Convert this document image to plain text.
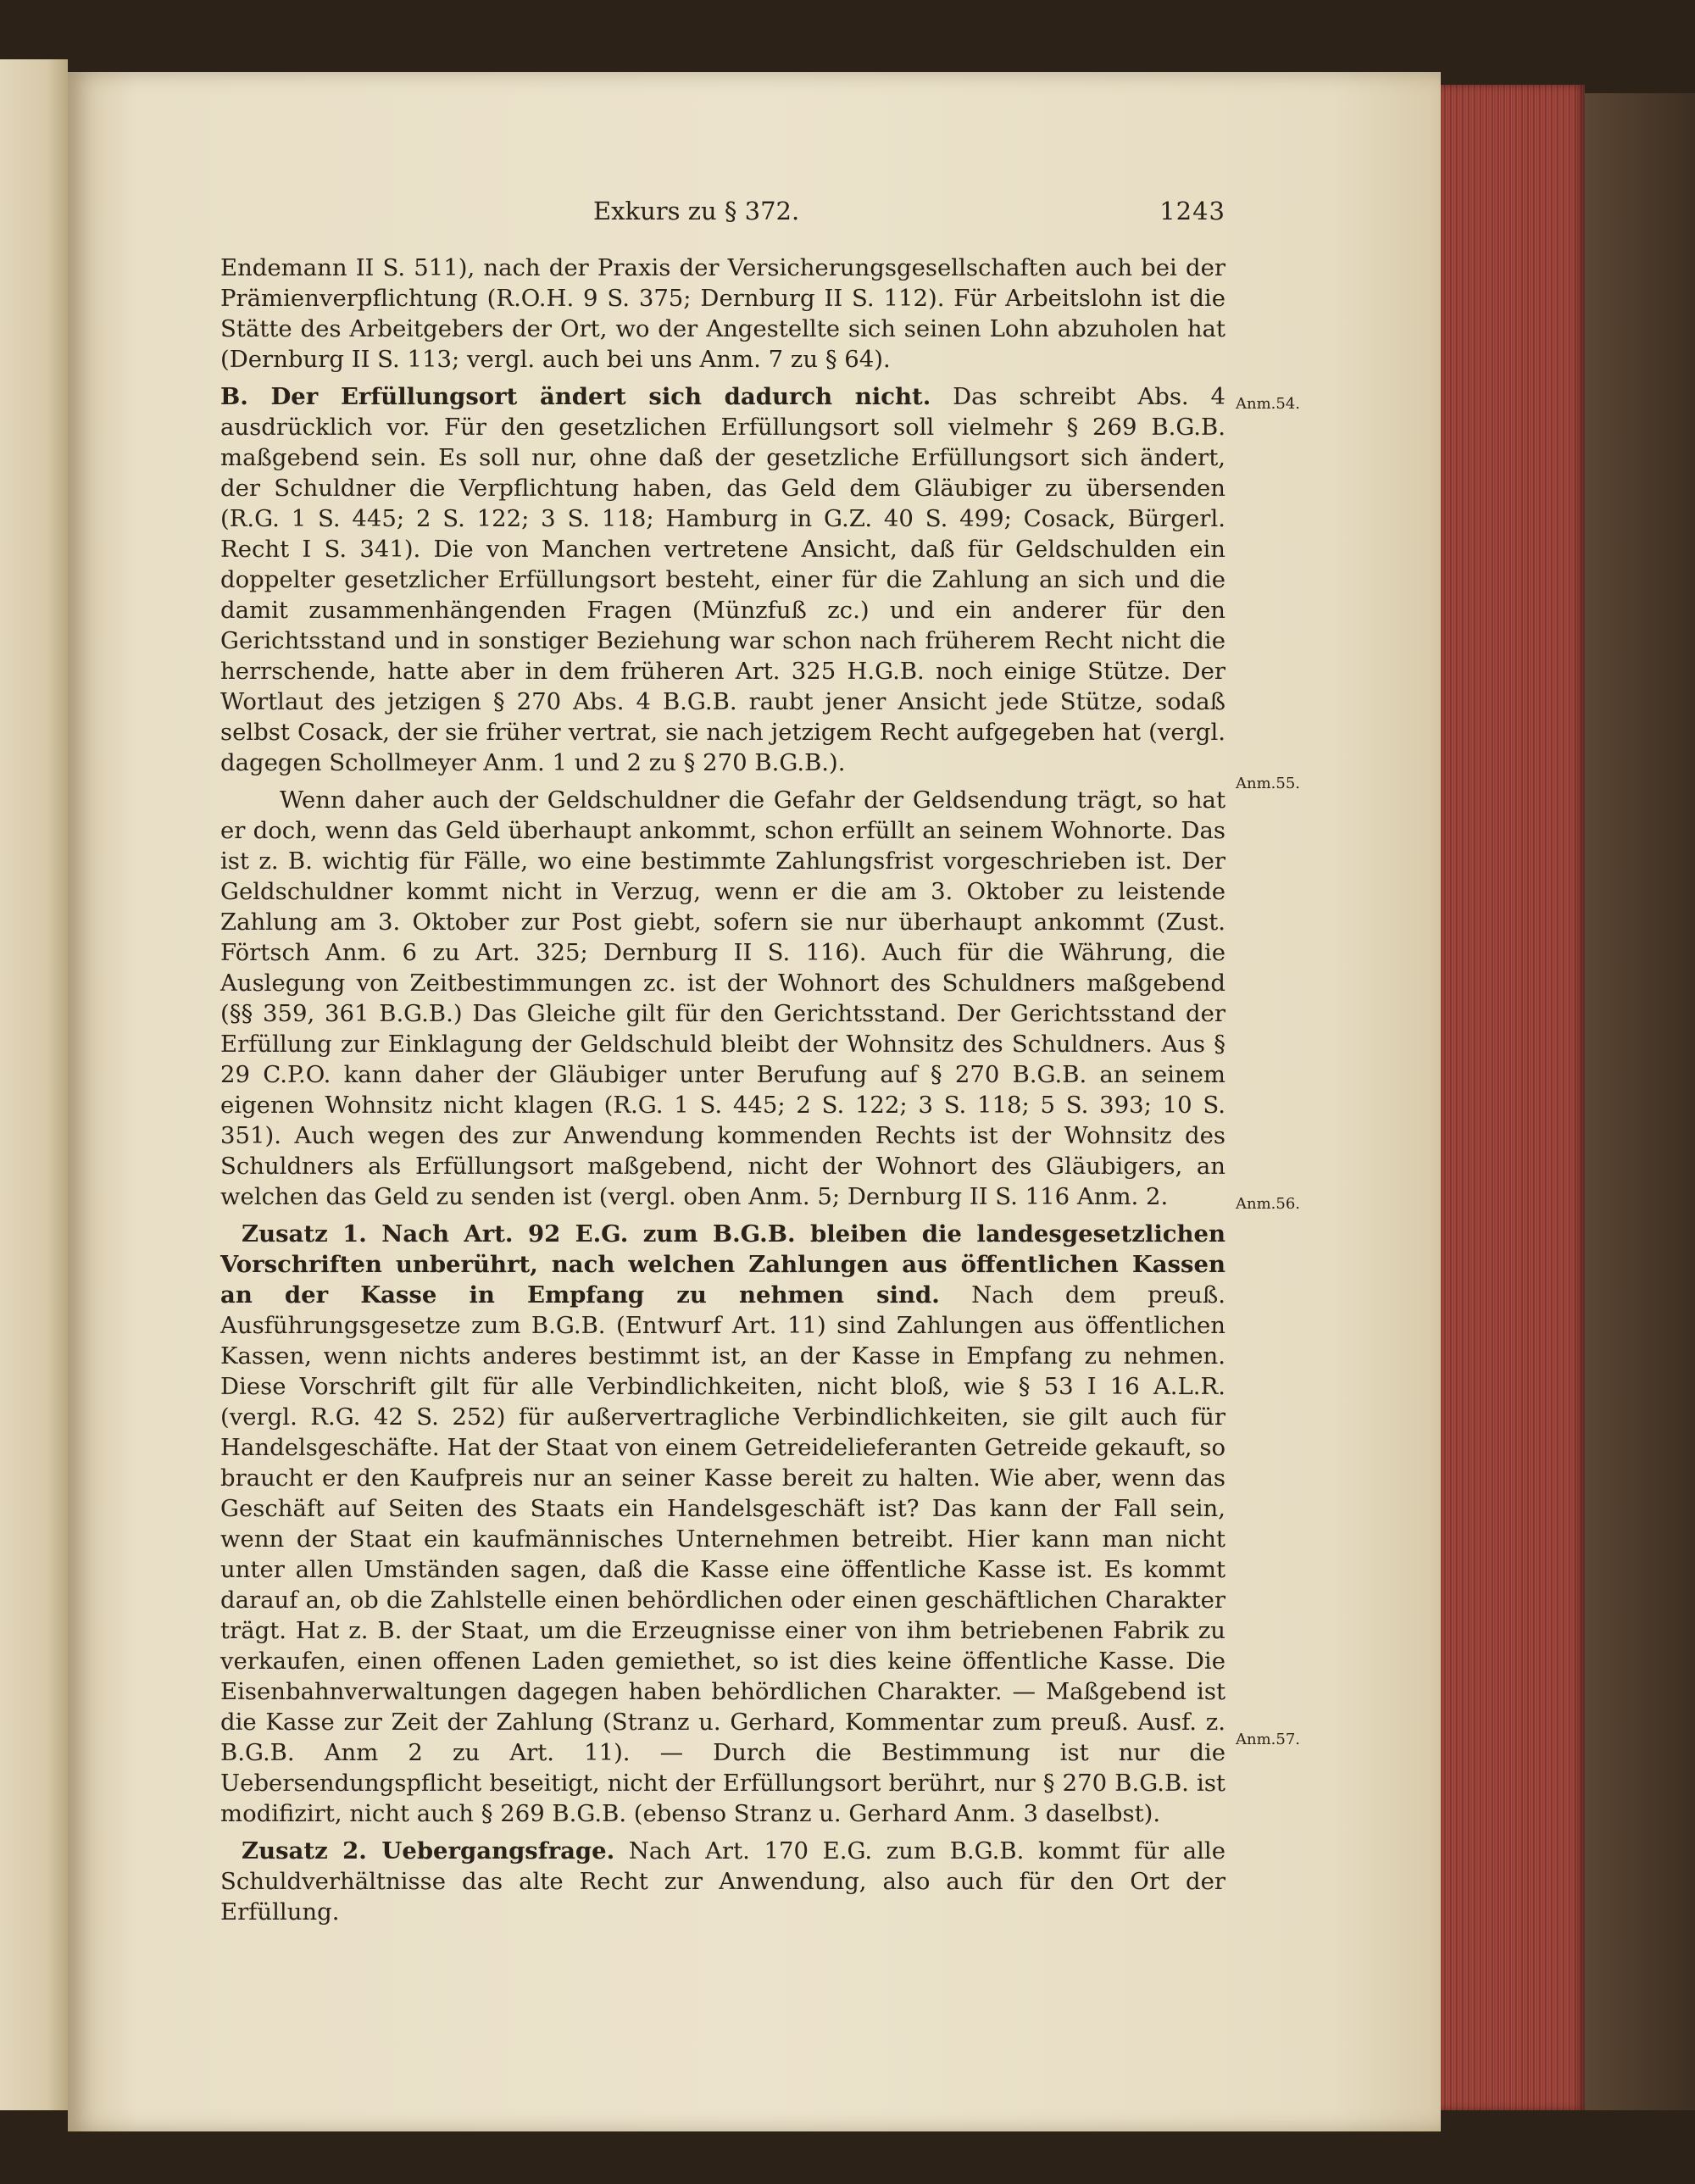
Exkurs zu § 372.	1243

Endemann II S. 511), nach der Praxis der Versicherungsgesellschaften auch bei der Prämienverpflichtung (R.O.H. 9 S. 375; Dernburg II S. 112). Für Arbeitslohn ist die Stätte des Arbeitgebers der Ort, wo der Angestellte sich seinen Lohn abzuholen hat (Dernburg II S. 113; vergl. auch bei uns Anm. 7 zu § 64).

B. Der Erfüllungsort ändert sich dadurch nicht. Das schreibt Abs. 4 ausdrücklich vor. Für den gesetzlichen Erfüllungsort soll vielmehr § 269 B.G.B. maßgebend sein. Es soll nur, ohne daß der gesetzliche Erfüllungsort sich ändert, der Schuldner die Verpflichtung haben, das Geld dem Gläubiger zu übersenden (R.G. 1 S. 445; 2 S. 122; 3 S. 118; Hamburg in G.Z. 40 S. 499; Cosack, Bürgerl. Recht I S. 341). Die von Manchen vertretene Ansicht, daß für Geldschulden ein doppelter gesetzlicher Erfüllungsort besteht, einer für die Zahlung an sich und die damit zusammenhängenden Fragen (Münzfuß zc.) und ein anderer für den Gerichtsstand und in sonstiger Beziehung war schon nach früherem Recht nicht die herrschende, hatte aber in dem früheren Art. 325 H.G.B. noch einige Stütze. Der Wortlaut des jetzigen § 270 Abs. 4 B.G.B. raubt jener Ansicht jede Stütze, sodaß selbst Cosack, der sie früher vertrat, sie nach jetzigem Recht aufgegeben hat (vergl. dagegen Schollmeyer Anm. 1 und 2 zu § 270 B.G.B.).

Wenn daher auch der Geldschuldner die Gefahr der Geldsendung trägt, so hat er doch, wenn das Geld überhaupt ankommt, schon erfüllt an seinem Wohnorte. Das ist z. B. wichtig für Fälle, wo eine bestimmte Zahlungsfrist vorgeschrieben ist. Der Geldschuldner kommt nicht in Verzug, wenn er die am 3. Oktober zu leistende Zahlung am 3. Oktober zur Post giebt, sofern sie nur überhaupt ankommt (Zust. Förtsch Anm. 6 zu Art. 325; Dernburg II S. 116). Auch für die Währung, die Auslegung von Zeitbestimmungen zc. ist der Wohnort des Schuldners maßgebend (§§ 359, 361 B.G.B.) Das Gleiche gilt für den Gerichtsstand. Der Gerichtsstand der Erfüllung zur Einklagung der Geldschuld bleibt der Wohnsitz des Schuldners. Aus § 29 C.P.O. kann daher der Gläubiger unter Berufung auf § 270 B.G.B. an seinem eigenen Wohnsitz nicht klagen (R.G. 1 S. 445; 2 S. 122; 3 S. 118; 5 S. 393; 10 S. 351). Auch wegen des zur Anwendung kommenden Rechts ist der Wohnsitz des Schuldners als Erfüllungsort maßgebend, nicht der Wohnort des Gläubigers, an welchen das Geld zu senden ist (vergl. oben Anm. 5; Dernburg II S. 116 Anm. 2.

Zusatz 1. Nach Art. 92 E.G. zum B.G.B. bleiben die landesgesetzlichen Vorschriften unberührt, nach welchen Zahlungen aus öffentlichen Kassen an der Kasse in Empfang zu nehmen sind. Nach dem preuß. Ausführungsgesetze zum B.G.B. (Entwurf Art. 11) sind Zahlungen aus öffentlichen Kassen, wenn nichts anderes bestimmt ist, an der Kasse in Empfang zu nehmen. Diese Vorschrift gilt für alle Verbindlichkeiten, nicht bloß, wie § 53 I 16 A.L.R. (vergl. R.G. 42 S. 252) für außervertragliche Verbindlichkeiten, sie gilt auch für Handelsgeschäfte. Hat der Staat von einem Getreidelieferanten Getreide gekauft, so braucht er den Kaufpreis nur an seiner Kasse bereit zu halten. Wie aber, wenn das Geschäft auf Seiten des Staats ein Handelsgeschäft ist? Das kann der Fall sein, wenn der Staat ein kaufmännisches Unternehmen betreibt. Hier kann man nicht unter allen Umständen sagen, daß die Kasse eine öffentliche Kasse ist. Es kommt darauf an, ob die Zahlstelle einen behördlichen oder einen geschäftlichen Charakter trägt. Hat z. B. der Staat, um die Erzeugnisse einer von ihm betriebenen Fabrik zu verkaufen, einen offenen Laden gemiethet, so ist dies keine öffentliche Kasse. Die Eisenbahnverwaltungen dagegen haben behördlichen Charakter. — Maßgebend ist die Kasse zur Zeit der Zahlung (Stranz u. Gerhard, Kommentar zum preuß. Ausf. z. B.G.B. Anm 2 zu Art. 11). — Durch die Bestimmung ist nur die Uebersendungspflicht beseitigt, nicht der Erfüllungsort berührt, nur § 270 B.G.B. ist modifizirt, nicht auch § 269 B.G.B. (ebenso Stranz u. Gerhard Anm. 3 daselbst).

Zusatz 2. Uebergangsfrage. Nach Art. 170 E.G. zum B.G.B. kommt für alle Schuldverhältnisse das alte Recht zur Anwendung, also auch für den Ort der Erfüllung.

Anm.54.
Anm.55.
Anm.56.
Anm.57.
